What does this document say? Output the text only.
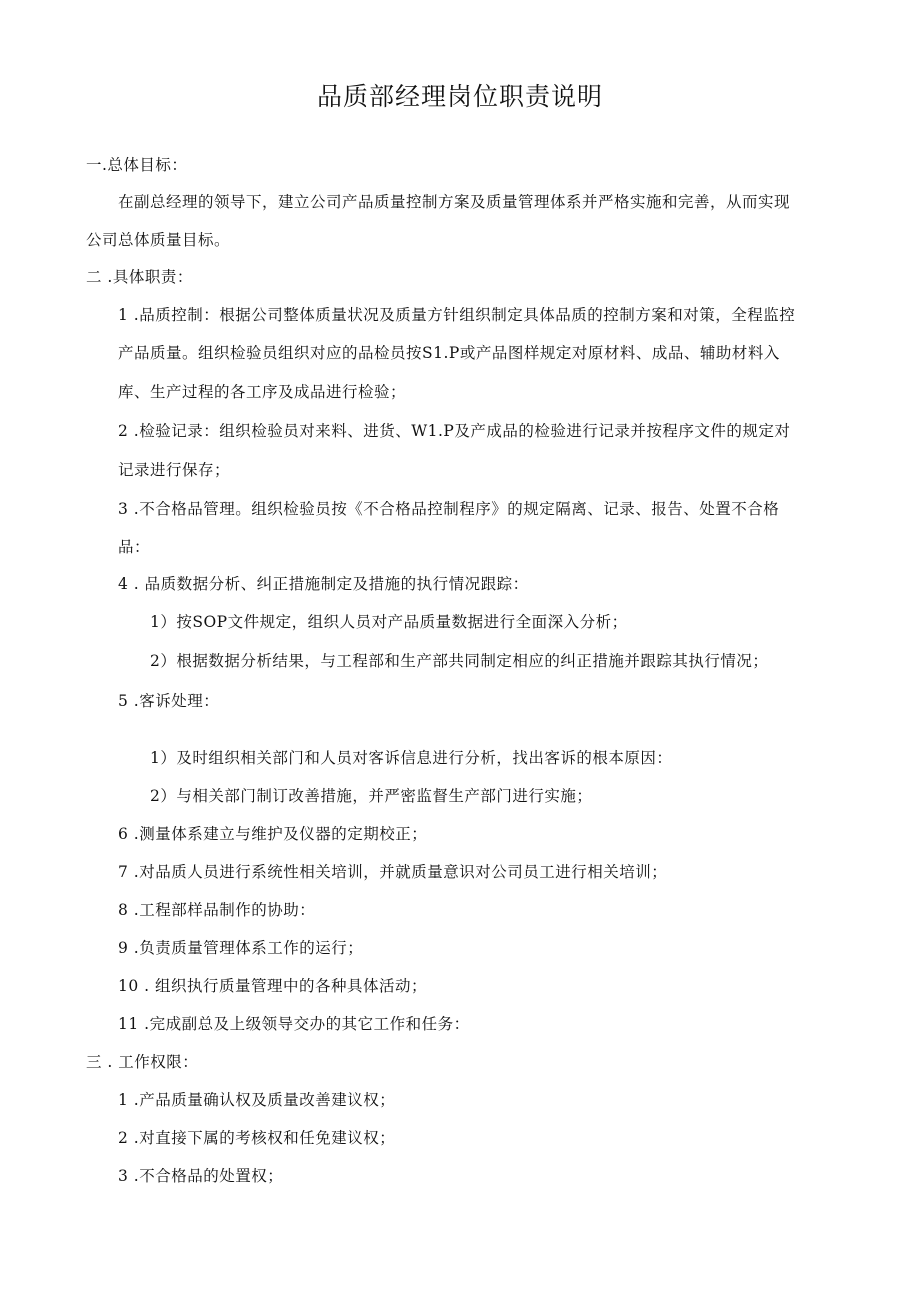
品质部经理岗位职责说明
一.总体目标：
在副总经理的领导下，建立公司产品质量控制方案及质量管理体系并严格实施和完善，从而实现
公司总体质量目标。
二 .具体职责：
1 .品质控制：根据公司整体质量状况及质量方针组织制定具体品质的控制方案和对策，全程监控
产品质量。组织检验员组织对应的品检员按S1.P或产品图样规定对原材料、成品、辅助材料入
库、生产过程的各工序及成品进行检验；
2 .检验记录：组织检验员对来料、进货、W1.P及产成品的检验进行记录并按程序文件的规定对
记录进行保存；
3 .不合格品管理。组织检验员按《不合格品控制程序》的规定隔离、记录、报告、处置不合格
品：
4 . 品质数据分析、纠正措施制定及措施的执行情况跟踪：
1）按SOP文件规定，组织人员对产品质量数据进行全面深入分析；
2）根据数据分析结果，与工程部和生产部共同制定相应的纠正措施并跟踪其执行情况；
5 .客诉处理：
1）及时组织相关部门和人员对客诉信息进行分析，找出客诉的根本原因：
2）与相关部门制订改善措施，并严密监督生产部门进行实施；
6 .测量体系建立与维护及仪器的定期校正；
7 .对品质人员进行系统性相关培训，并就质量意识对公司员工进行相关培训；
8 .工程部样品制作的协助：
9 .负责质量管理体系工作的运行；
10 . 组织执行质量管理中的各种具体活动；
11 .完成副总及上级领导交办的其它工作和任务：
三 . 工作权限：
1 .产品质量确认权及质量改善建议权；
2 .对直接下属的考核权和任免建议权；
3 .不合格品的处置权；
